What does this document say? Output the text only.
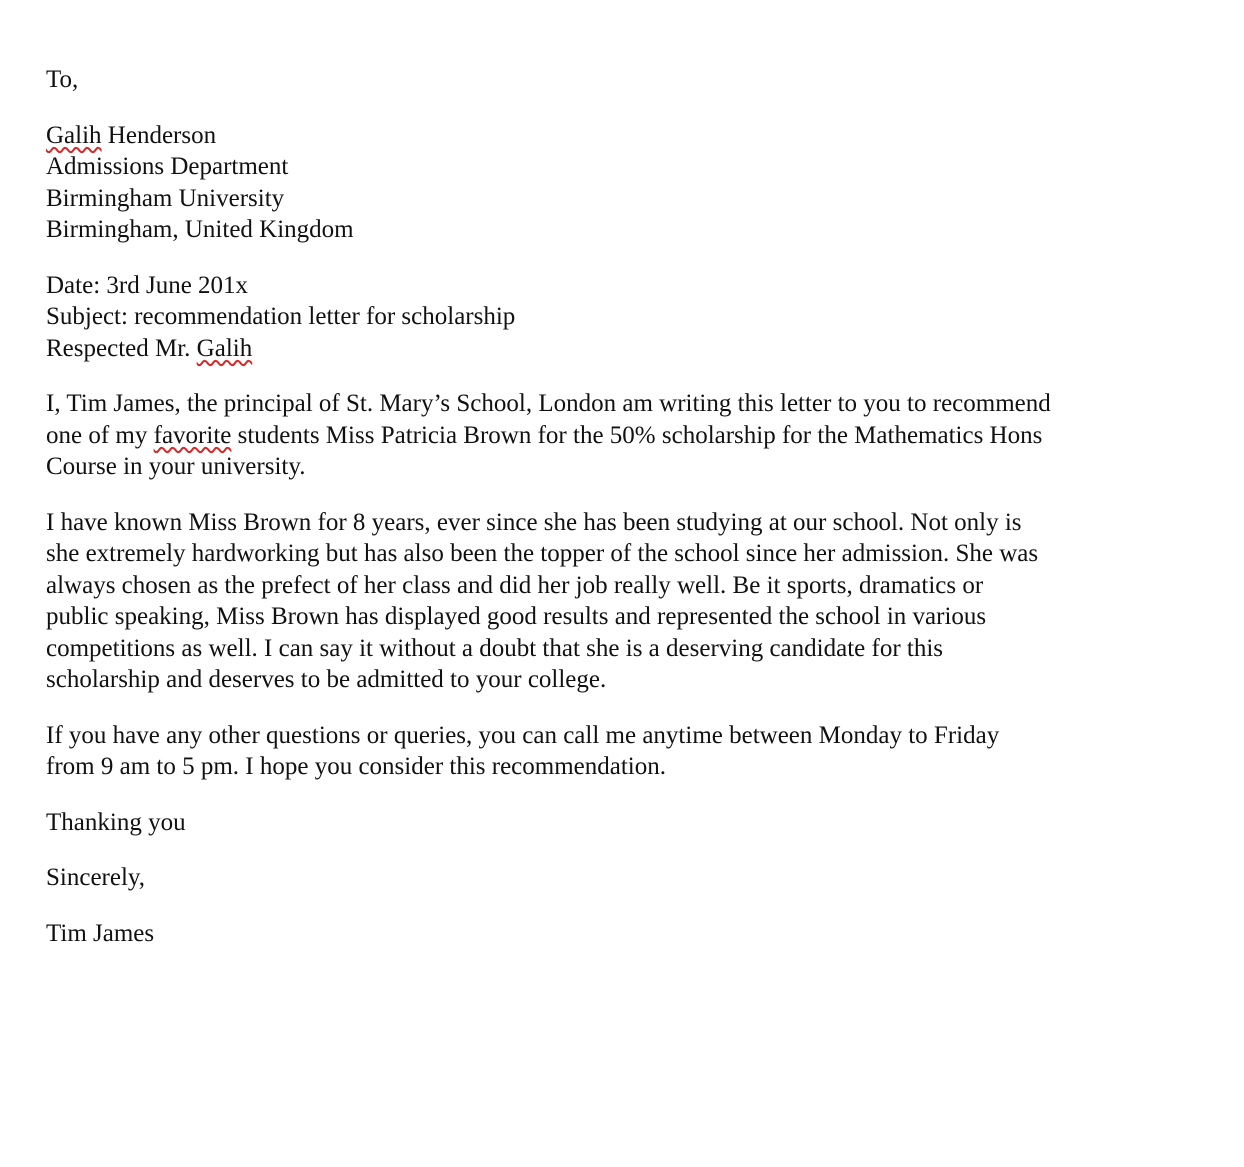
To,
Galih Henderson
Admissions Department
Birmingham University
Birmingham, United Kingdom
Date: 3rd June 201x
Subject: recommendation letter for scholarship
Respected Mr. Galih
I, Tim James, the principal of St. Mary’s School, London am writing this letter to you to recommend
one of my favorite students Miss Patricia Brown for the 50% scholarship for the Mathematics Hons
Course in your university.
I have known Miss Brown for 8 years, ever since she has been studying at our school. Not only is
she extremely hardworking but has also been the topper of the school since her admission. She was
always chosen as the prefect of her class and did her job really well. Be it sports, dramatics or
public speaking, Miss Brown has displayed good results and represented the school in various
competitions as well. I can say it without a doubt that she is a deserving candidate for this
scholarship and deserves to be admitted to your college.
If you have any other questions or queries, you can call me anytime between Monday to Friday
from 9 am to 5 pm. I hope you consider this recommendation.
Thanking you
Sincerely,
Tim James
